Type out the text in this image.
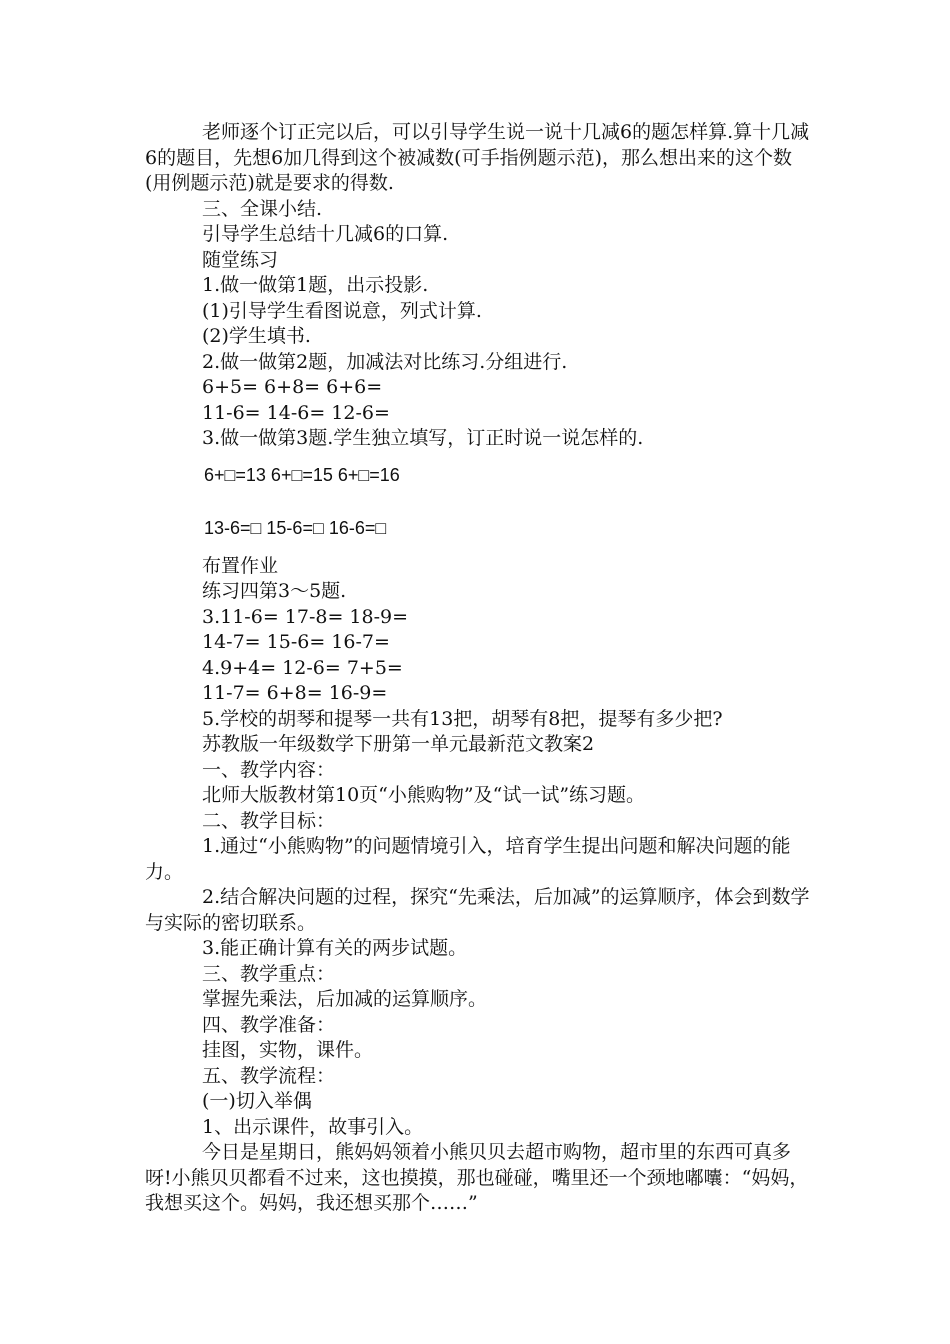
老师逐个订正完以后，可以引导学生说一说十几减6的题怎样算.算十几减6的题目，先想6加几得到这个被减数(可手指例题示范)，那么想出来的这个数(用例题示范)就是要求的得数.

三、全课小结.

引导学生总结十几减6的口算.

随堂练习

1.做一做第1题，出示投影.

(1)引导学生看图说意，列式计算.

(2)学生填书.

2.做一做第2题，加减法对比练习.分组进行.

6+5= 6+8= 6+6=

11-6= 14-6= 12-6=

3.做一做第3题.学生独立填写，订正时说一说怎样的.

6+□=13 6+□=15 6+□=16

13-6=□ 15-6=□ 16-6=□

布置作业

练习四第3～5题.

3.11-6= 17-8= 18-9=

14-7= 15-6= 16-7=

4.9+4= 12-6= 7+5=

11-7= 6+8= 16-9=

5.学校的胡琴和提琴一共有13把，胡琴有8把，提琴有多少把?

苏教版一年级数学下册第一单元最新范文教案2

一、教学内容：

北师大版教材第10页“小熊购物”及“试一试”练习题。

二、教学目标：

1.通过“小熊购物”的问题情境引入，培育学生提出问题和解决问题的能力。

2.结合解决问题的过程，探究“先乘法，后加减”的运算顺序，体会到数学与实际的密切联系。

3.能正确计算有关的两步试题。

三、教学重点：

掌握先乘法，后加减的运算顺序。

四、教学准备：

挂图，实物，课件。

五、教学流程：

(一)切入举偶

1、出示课件，故事引入。

今日是星期日，熊妈妈领着小熊贝贝去超市购物，超市里的东西可真多呀!小熊贝贝都看不过来，这也摸摸，那也碰碰，嘴里还一个颈地嘟囔：“妈妈，我想买这个。妈妈，我还想买那个……”
